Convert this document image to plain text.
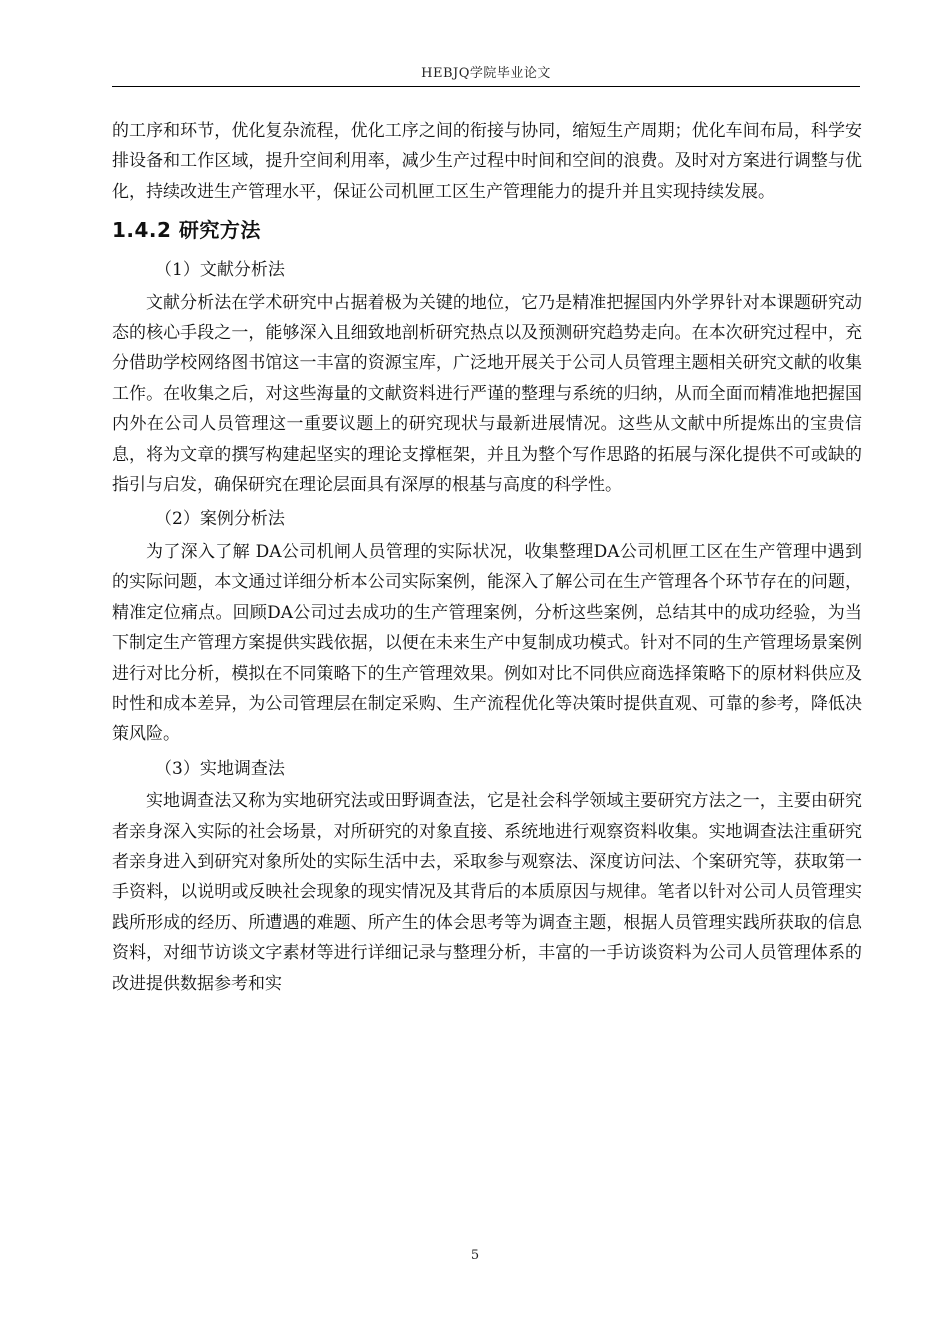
HEBJQ学院毕业论文

的工序和环节，优化复杂流程，优化工序之间的衔接与协同，缩短生产周期；优化车间布局，科学安排设备和工作区域，提升空间利用率，减少生产过程中时间和空间的浪费。及时对方案进行调整与优化，持续改进生产管理水平，保证公司机匣工区生产管理能力的提升并且实现持续发展。

1.4.2 研究方法
（1）文献分析法

文献分析法在学术研究中占据着极为关键的地位，它乃是精准把握国内外学界针对本课题研究动态的核心手段之一，能够深入且细致地剖析研究热点以及预测研究趋势走向。在本次研究过程中，充分借助学校网络图书馆这一丰富的资源宝库，广泛地开展关于公司人员管理主题相关研究文献的收集工作。在收集之后，对这些海量的文献资料进行严谨的整理与系统的归纳，从而全面而精准地把握国内外在公司人员管理这一重要议题上的研究现状与最新进展情况。这些从文献中所提炼出的宝贵信息，将为文章的撰写构建起坚实的理论支撑框架，并且为整个写作思路的拓展与深化提供不可或缺的指引与启发，确保研究在理论层面具有深厚的根基与高度的科学性。

（2）案例分析法

为了深入了解 DA公司机闸人员管理的实际状况，收集整理DA公司机匣工区在生产管理中遇到的实际问题，本文通过详细分析本公司实际案例，能深入了解公司在生产管理各个环节存在的问题，精准定位痛点。回顾DA公司过去成功的生产管理案例，分析这些案例，总结其中的成功经验，为当下制定生产管理方案提供实践依据，以便在未来生产中复制成功模式。针对不同的生产管理场景案例进行对比分析，模拟在不同策略下的生产管理效果。例如对比不同供应商选择策略下的原材料供应及时性和成本差异，为公司管理层在制定采购、生产流程优化等决策时提供直观、可靠的参考，降低决策风险。

（3）实地调查法

实地调查法又称为实地研究法或田野调查法，它是社会科学领域主要研究方法之一，主要由研究者亲身深入实际的社会场景，对所研究的对象直接、系统地进行观察资料收集。实地调查法注重研究者亲身进入到研究对象所处的实际生活中去，采取参与观察法、深度访问法、个案研究等，获取第一手资料，以说明或反映社会现象的现实情况及其背后的本质原因与规律。笔者以针对公司人员管理实践所形成的经历、所遭遇的难题、所产生的体会思考等为调查主题，根据人员管理实践所获取的信息资料，对细节访谈文字素材等进行详细记录与整理分析，丰富的一手访谈资料为公司人员管理体系的改进提供数据参考和实

5
